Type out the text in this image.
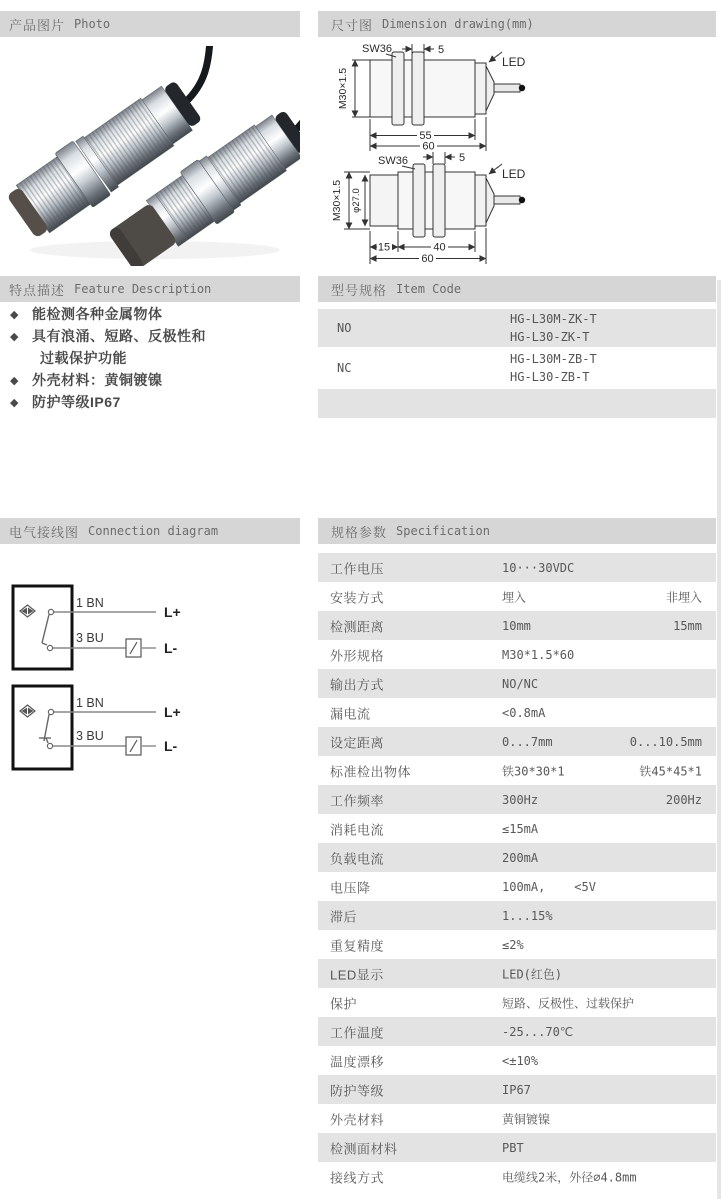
产品图片 Photo	尺寸图 Dimension drawing(mm)
SW36	5
M30×1.5
LED
55
60
SW36	5
M30×1.5 φ27.0
LED
15	40
60
特点描述 Feature Description	型号规格 Item Code
◆ 能检测各种金属物体
◆ 具有浪涌、短路、反极性和
过载保护功能
◆ 外壳材料：黄铜镀镍
◆ 防护等级IP67
NO
HG-L30M-ZK-T
HG-L30-ZK-T
NC
HG-L30M-ZB-T
HG-L30-ZB-T
电气接线图 Connection diagram	规格参数 Specification
1 BN
3 BU
L+
L-
1 BN
3 BU
L+
L-
工作电压	10···30VDC
安装方式	埋入	非埋入
检测距离	10mm	15mm
外形规格	M30*1.5*60
输出方式	NO/NC
漏电流	<0.8mA
设定距离	0...7mm	0...10.5mm
标准检出物体	铁30*30*1	铁45*45*1
工作频率	300Hz	200Hz
消耗电流	≤15mA
负载电流	200mA
电压降	100mA,    <5V
滞后	1...15%
重复精度	≤2%
LED显示	LED(红色)
保护	短路、反极性、过载保护
工作温度	-25...70℃
温度漂移	<±10%
防护等级	IP67
外壳材料	黄铜镀镍
检测面材料	PBT
接线方式	电缆线2米，外径∅4.8mm
